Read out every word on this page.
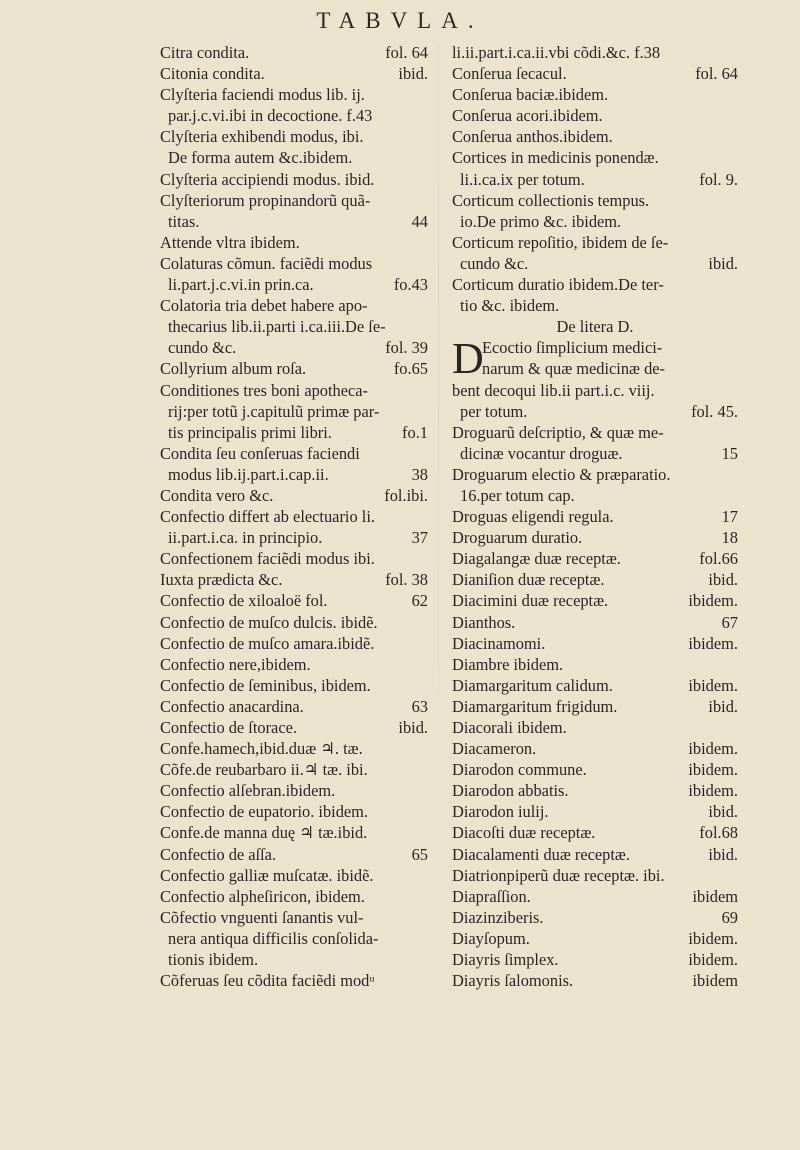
TABVLA.
Citra condita.	fol. 64
Citonia condita.	ibid.
Clyſteria faciendi modus lib. ij.
par.j.c.vi.ibi in decoctione. f.43
Clyſteria exhibendi modus, ibi.
De forma autem &c.ibidem.
Clyſteria accipiendi modus. ibid.
Clyſteriorum propinandorũ quã-
titas.	44
Attende vltra ibidem.
Colaturas cõmun. faciẽdi modus
li.part.j.c.vi.in prin.ca.	fo.43
Colatoria tria debet habere apo-
thecarius lib.ii.parti i.ca.iii.De ſe-
cundo &c.	fol. 39
Collyrium album roſa.	fo.65
Conditiones tres boni apotheca-
rij:per totũ j.capitulũ primæ par-
tis principalis primi libri.	fo.1
Condita ſeu conſeruas faciendi
modus lib.ij.part.i.cap.ii.	38
Condita vero &c.	fol.ibi.
Confectio differt ab electuario li.
ii.part.i.ca. in principio.	37
Confectionem faciẽdi modus ibi.
Iuxta prædicta &c.	fol. 38
Confectio de xiloaloë fol.	62
Confectio de muſco dulcis. ibidẽ.
Confectio de muſco amara.ibidẽ.
Confectio nere,ibidem.
Confectio de ſeminibus, ibidem.
Confectio anacardina.	63
Confectio de ſtorace.	ibid.
Confe.hamech,ibid.duæ ♃. tæ.
Cõfe.de reubarbaro ii.♃ tæ. ibi.
Confectio alſebran.ibidem.
Confectio de eupatorio. ibidem.
Confe.de manna duę ♃ tæ.ibid.
Confectio de aſſa.	65
Confectio galliæ muſcatæ. ibidẽ.
Confectio alpheſiricon, ibidem.
Cõfectio vnguenti ſanantis vul-
nera antiqua difficilis conſolida-
tionis ibidem.
Cõferuas ſeu cõdita faciẽdi modᵘ
li.ii.part.i.ca.ii.vbi cõdi.&c. f.38
Conſerua ſecacul.	fol. 64
Conſerua baciæ.ibidem.
Conſerua acori.ibidem.
Conſerua anthos.ibidem.
Cortices in medicinis ponendæ.
li.i.ca.ix per totum.	fol. 9.
Corticum collectionis tempus.
io.De primo &c. ibidem.
Corticum repoſitio, ibidem de ſe-
cundo &c.	ibid.
Corticum duratio ibidem.De ter-
tio &c. ibidem.
De litera D.
D
Ecoctio ſimplicium medici-
narum & quæ medicinæ de-
bent decoqui lib.ii part.i.c. viij.
per totum.	fol. 45.
Droguarũ deſcriptio, & quæ me-
dicinæ vocantur droguæ.	15
Droguarum electio & præparatio.
16.per totum cap.
Droguas eligendi regula.	17
Droguarum duratio.	18
Diagalangæ duæ receptæ.	fol.66
Dianiſion duæ receptæ.	ibid.
Diacimini duæ receptæ.	ibidem.
Dianthos.	67
Diacinamomi.	ibidem.
Diambre ibidem.
Diamargaritum calidum.	ibidem.
Diamargaritum frigidum.	ibid.
Diacorali ibidem.
Diacameron.	ibidem.
Diarodon commune.	ibidem.
Diarodon abbatis.	ibidem.
Diarodon iulij.	ibid.
Diacoſti duæ receptæ.	fol.68
Diacalamenti duæ receptæ.	ibid.
Diatrionpiperũ duæ receptæ. ibi.
Diapraſſion.	ibidem
Diazinziberis.	69
Diayſopum.	ibidem.
Diayris ſimplex.	ibidem.
Diayris ſalomonis.	ibidem
